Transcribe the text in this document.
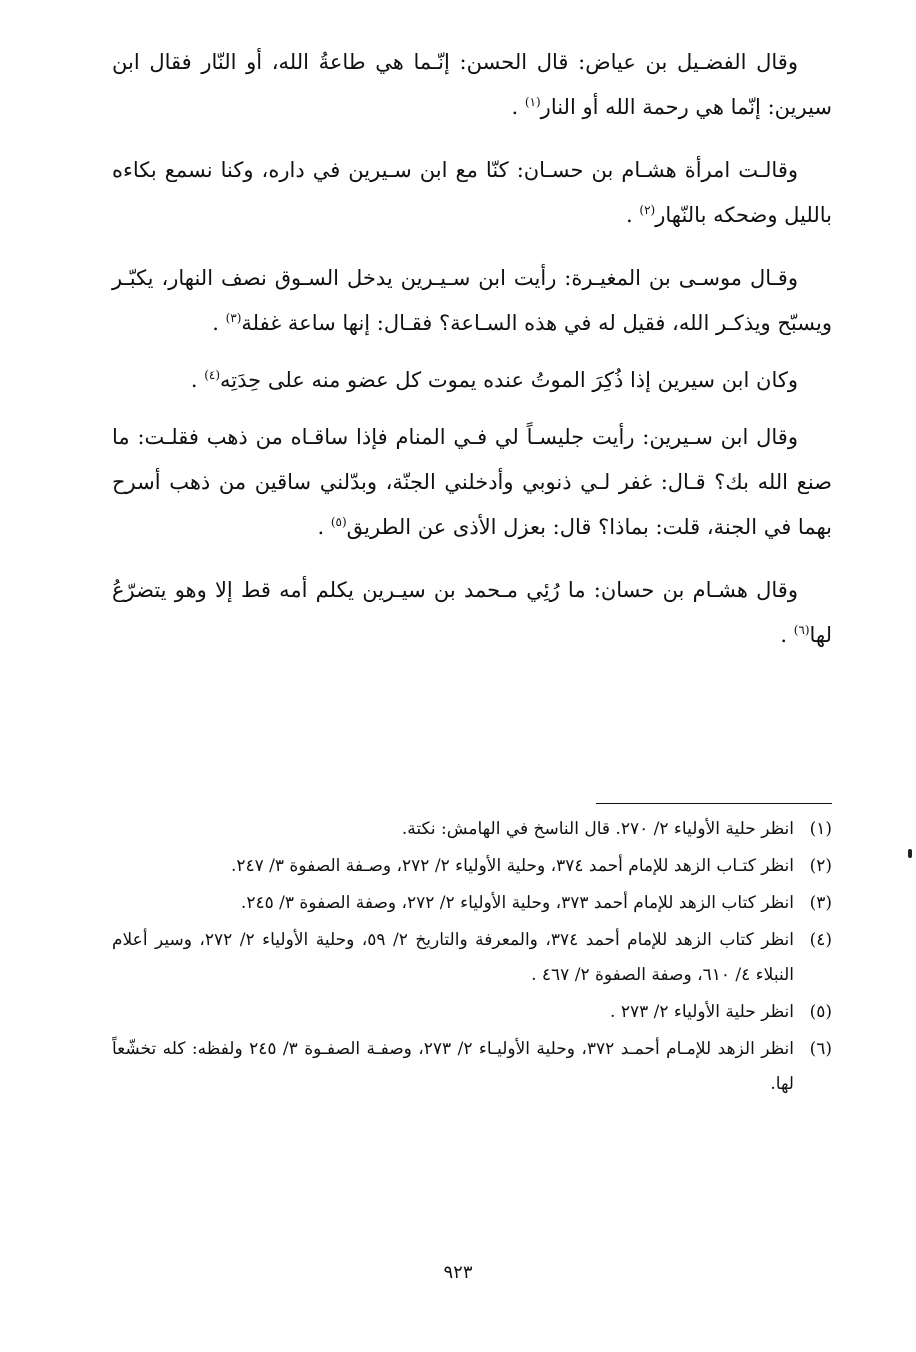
وقال الفضـيل بن عياض: قال الحسن: إنّـما هي طاعةُ الله، أو النّار فقال ابن سيرين: إنّما هي رحمة الله أو النار$^{(١)}$ .

وقالـت امرأة هشـام بن حسـان: كنّا مع ابن سـيرين في داره، وكنا نسمع بكاءه بالليل وضحكه بالنّهار$^{(٢)}$ .

وقـال موسـى بن المغيـرة: رأيت ابن سـيـرين يدخل السـوق نصف النهار، يكبّـر ويسبّح ويذكـر الله، فقيل له في هذه السـاعة؟ فقـال: إنها ساعة غفلة$^{(٣)}$ .

وكان ابن سيرين إذا ذُكِرَ الموتُ عنده يموت كل عضو منه على حِدَتِه$^{(٤)}$ .

وقال ابن سـيرين: رأيت جليسـاً لي فـي المنام فإذا ساقـاه من ذهب فقلـت: ما صنع الله بك؟ قـال: غفر لـي ذنوبي وأدخلني الجنّة، وبدّلني ساقين من ذهب أسرح بهما في الجنة، قلت: بماذا؟ قال: بعزل الأذى عن الطريق$^{(٥)}$ .

وقال هشـام بن حسان: ما رُئِي مـحمد بن سيـرين يكلم أمه قط إلا وهو يتضرّعُ لها$^{(٦)}$ .

(١)
انظر حلية الأولياء ٢/ ٢٧٠. قال الناسخ في الهامش: نكتة.
(٢)
انظر كتـاب الزهد للإمام أحمد ٣٧٤، وحلية الأولياء ٢/ ٢٧٢، وصـفة الصفوة ٣/ ٢٤٧.
(٣)
انظر كتاب الزهد للإمام أحمد ٣٧٣، وحلية الأولياء ٢/ ٢٧٢، وصفة الصفوة ٣/ ٢٤٥.
(٤)
انظر كتاب الزهد للإمام أحمد ٣٧٤، والمعرفة والتاريخ ٢/ ٥٩، وحلية الأولياء ٢/ ٢٧٢، وسير أعلام النبلاء ٤/ ٦١٠، وصفة الصفوة ٢/ ٤٦٧ .
(٥)
انظر حلية الأولياء ٢/ ٢٧٣ .
(٦)
انظر الزهد للإمـام أحمـد ٣٧٢، وحلية الأوليـاء ٢/ ٢٧٣، وصفـة الصفـوة ٣/ ٢٤٥ ولفظه: كله تخشّعاً لها.
٩٢٣
